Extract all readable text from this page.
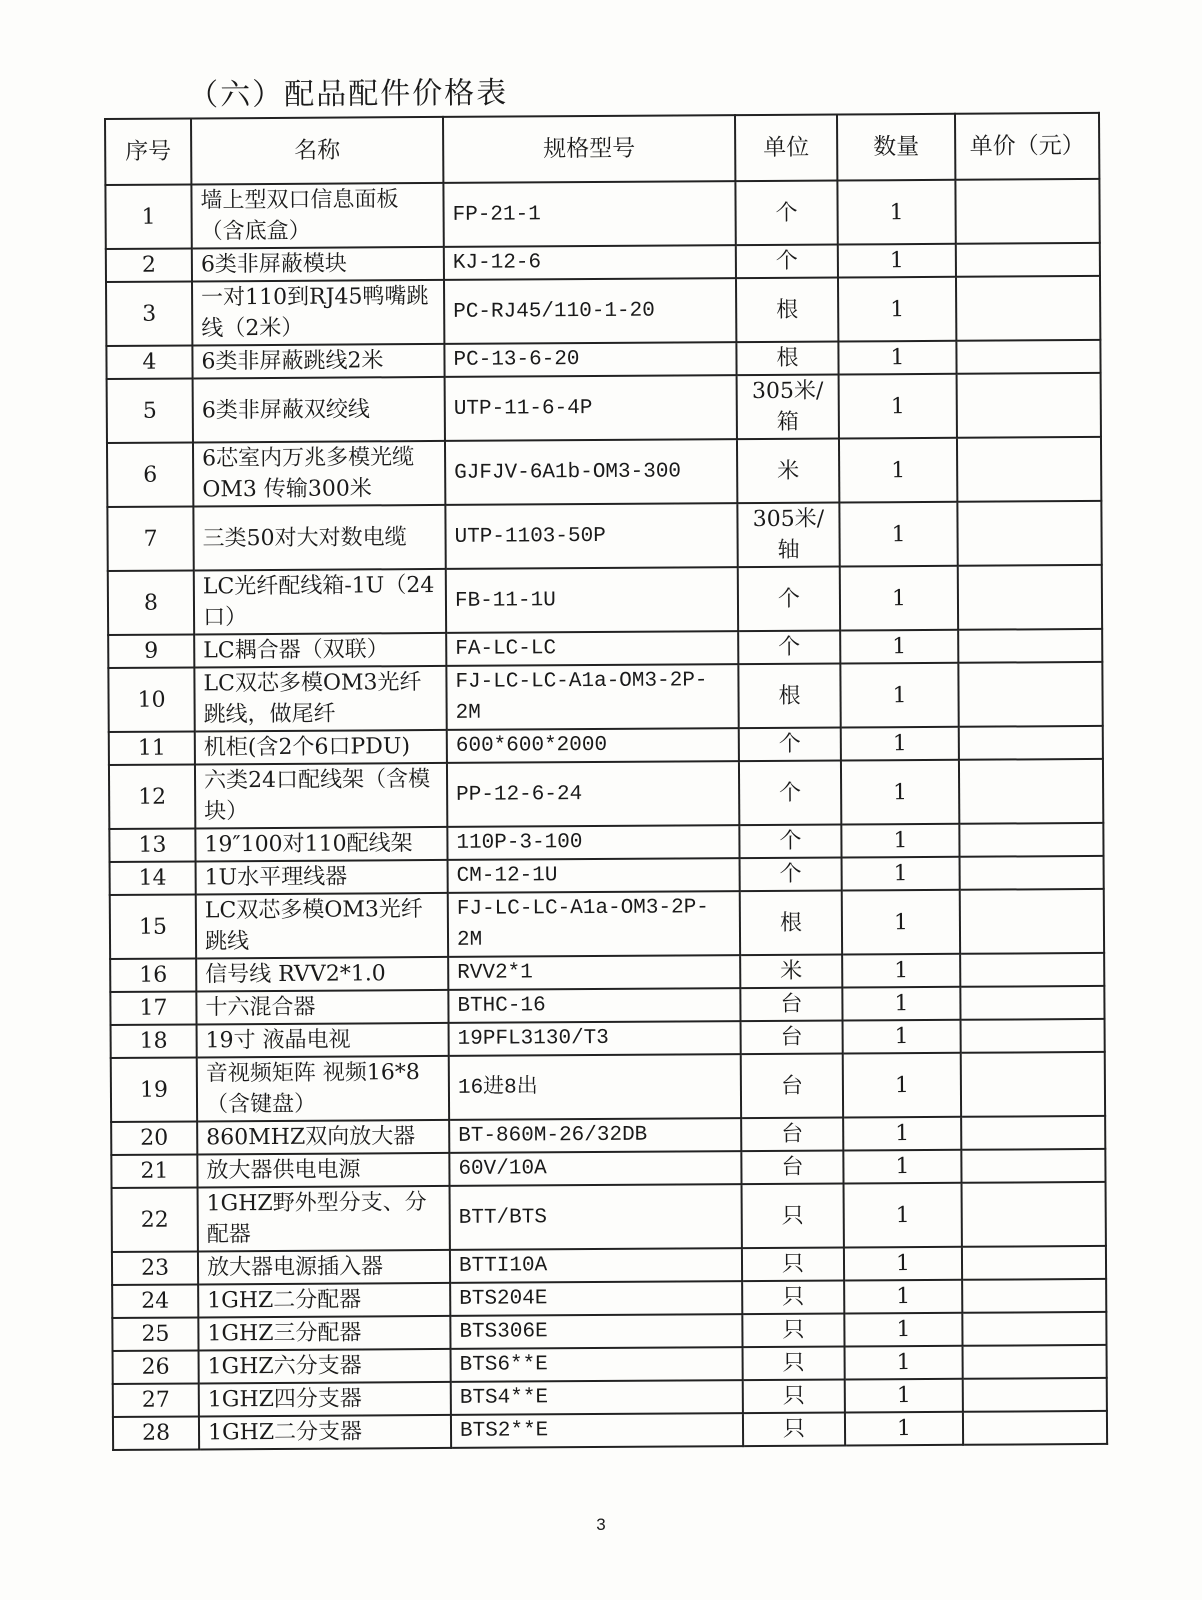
（六）配品配件价格表
序号	名称	规格型号	单位	数量	单价（元）
1	墙上型双口信息面板（含底盒）	FP-21-1	个	1	
2	6类非屏蔽模块	KJ-12-6	个	1	
3	一对110到RJ45鸭嘴跳线（2米）	PC-RJ45/110-1-20	根	1	
4	6类非屏蔽跳线2米	PC-13-6-20	根	1	
5	6类非屏蔽双绞线	UTP-11-6-4P	305米/箱	1	
6	6芯室内万兆多模光缆 OM3 传输300米	GJFJV-6A1b-OM3-300	米	1	
7	三类50对大对数电缆	UTP-1103-50P	305米/轴	1	
8	LC光纤配线箱-1U（24口）	FB-11-1U	个	1	
9	LC耦合器（双联）	FA-LC-LC	个	1	
10	LC双芯多模OM3光纤跳线，做尾纤	FJ-LC-LC-A1a-OM3-2P-2M	根	1	
11	机柜(含2个6口PDU)	600*600*2000	个	1	
12	六类24口配线架（含模块）	PP-12-6-24	个	1	
13	19″100对110配线架	110P-3-100	个	1	
14	1U水平理线器	CM-12-1U	个	1	
15	LC双芯多模OM3光纤跳线	FJ-LC-LC-A1a-OM3-2P-2M	根	1	
16	信号线 RVV2*1.0	RVV2*1	米	1	
17	十六混合器	BTHC-16	台	1	
18	19寸 液晶电视	19PFL3130/T3	台	1	
19	音视频矩阵 视频16*8（含键盘）	16进8出	台	1	
20	860MHZ双向放大器	BT-860M-26/32DB	台	1	
21	放大器供电电源	60V/10A	台	1	
22	1GHZ野外型分支、分配器	BTT/BTS	只	1	
23	放大器电源插入器	BTTI10A	只	1	
24	1GHZ二分配器	BTS204E	只	1	
25	1GHZ三分配器	BTS306E	只	1	
26	1GHZ六分支器	BTS6**E	只	1	
27	1GHZ四分支器	BTS4**E	只	1	
28	1GHZ二分支器	BTS2**E	只	1	
3
